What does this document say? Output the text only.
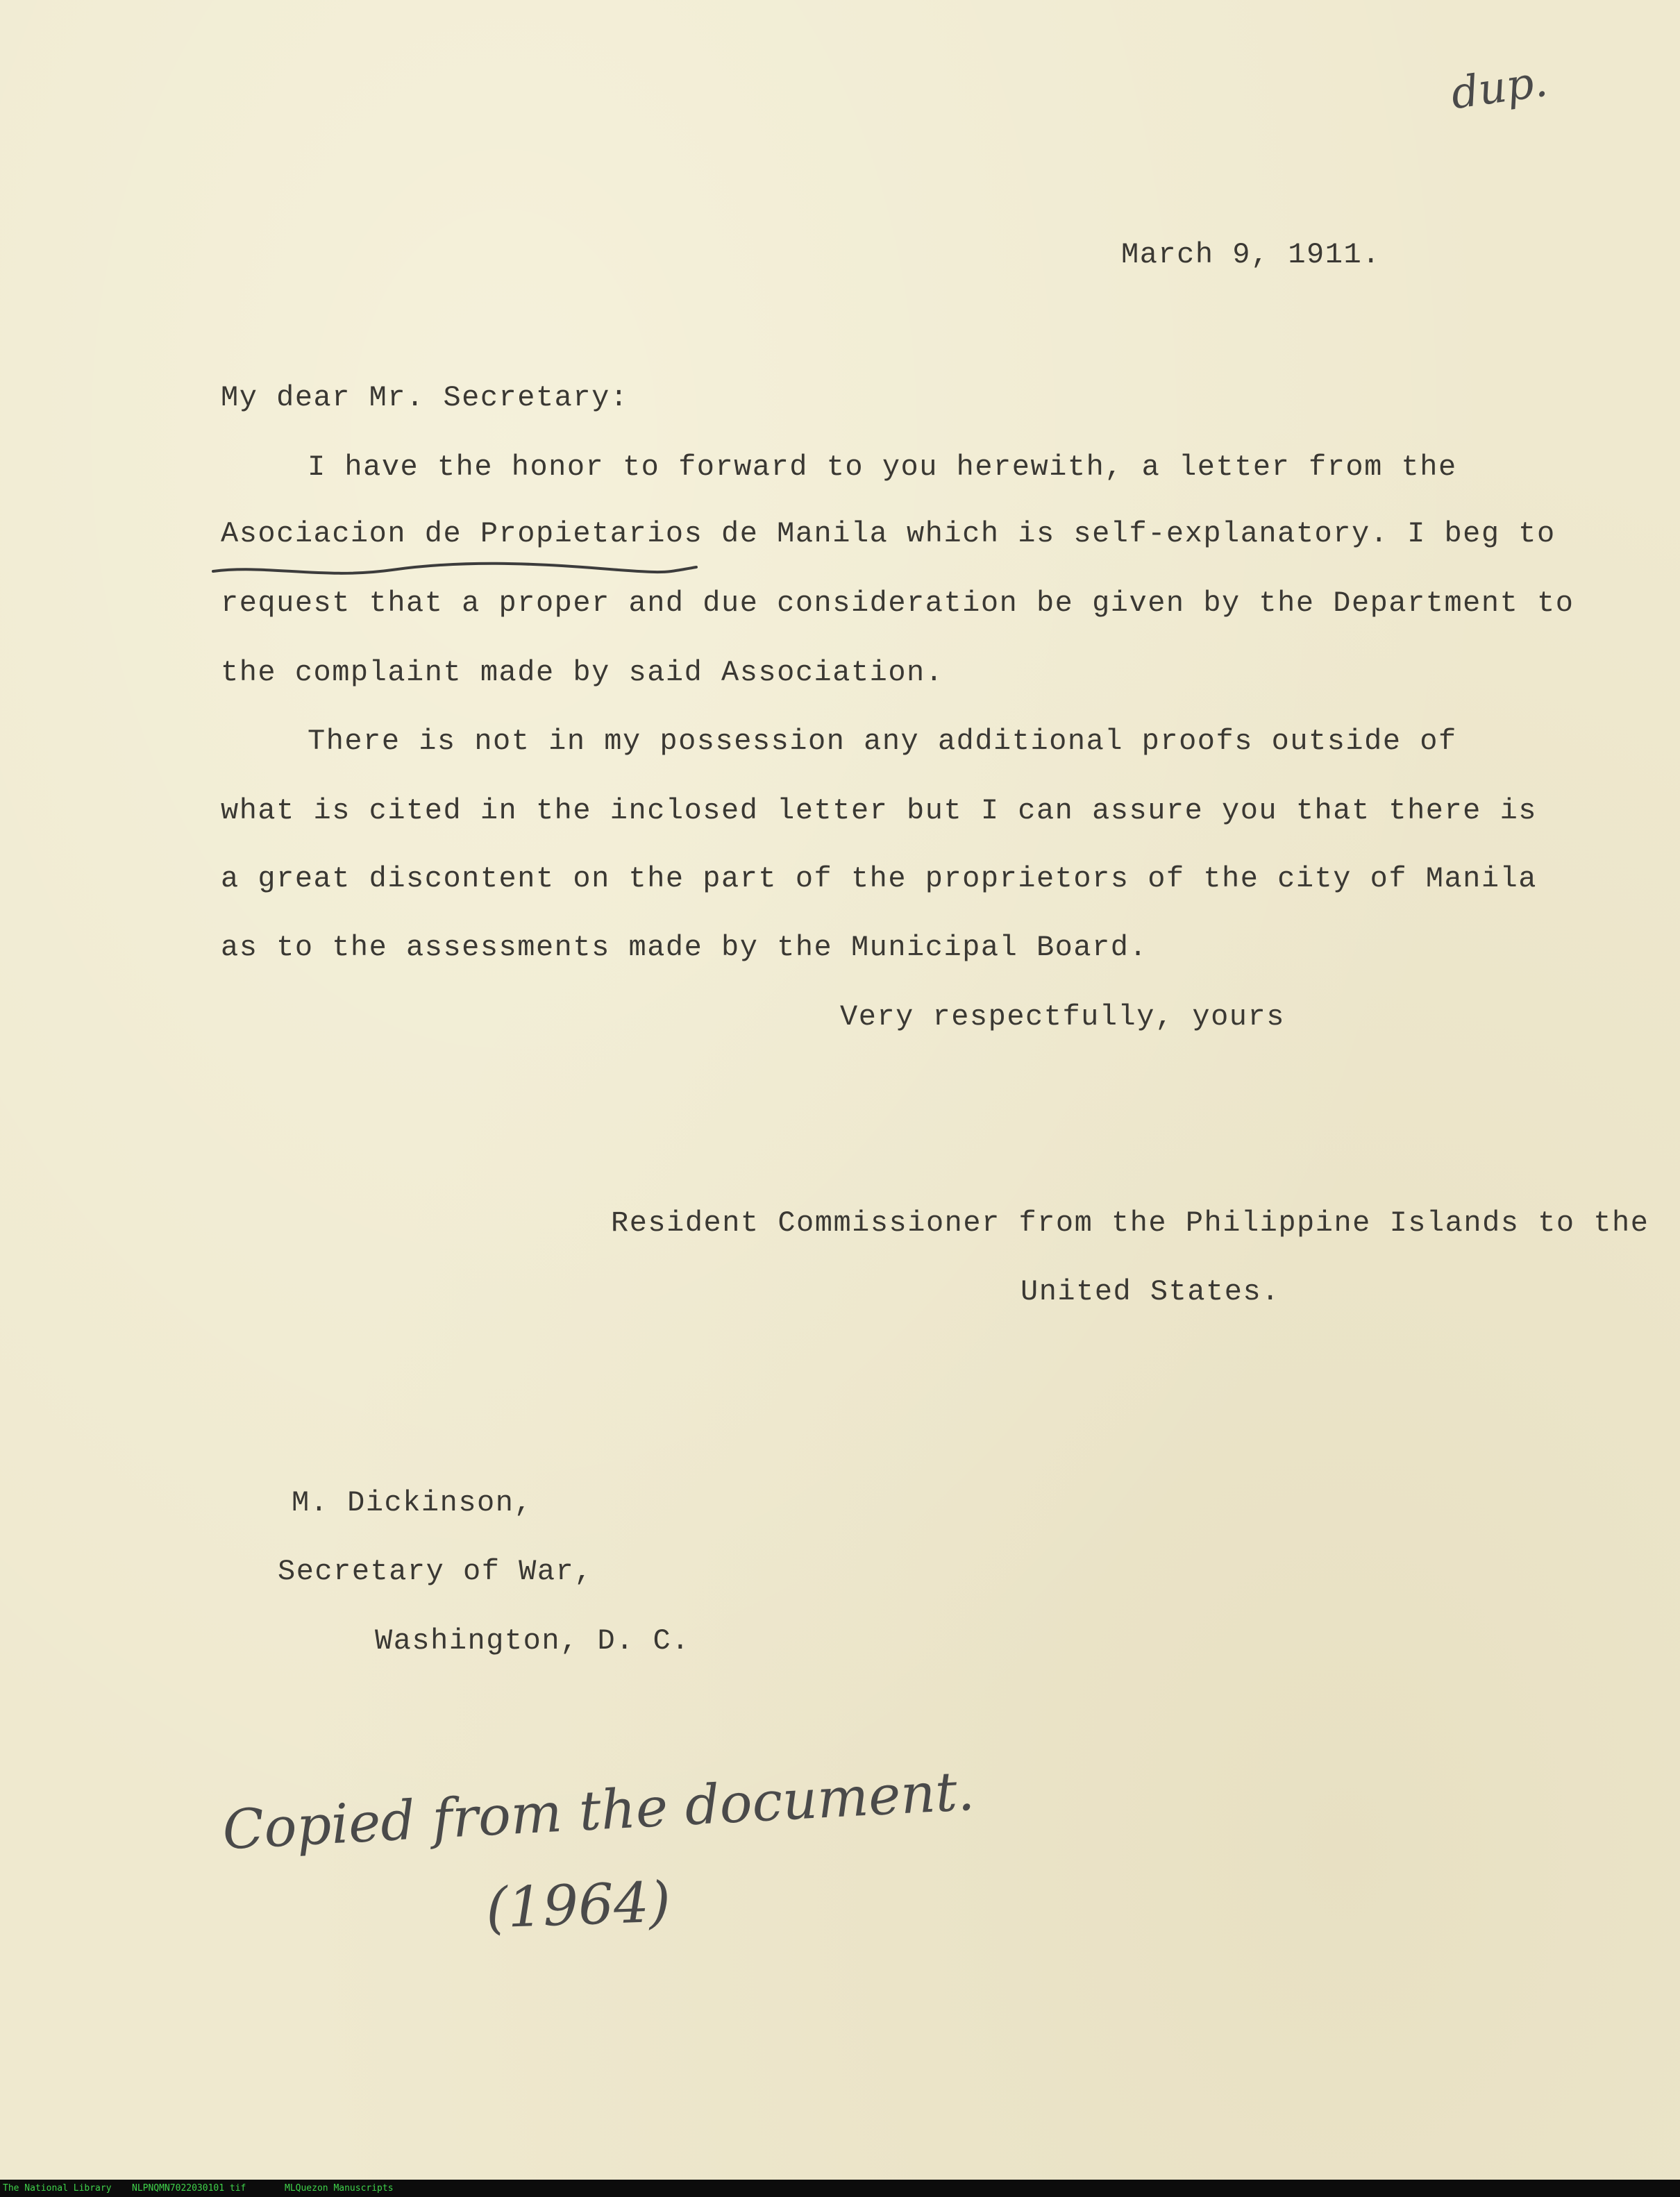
dup.
March 9, 1911.
My dear Mr. Secretary:
I have the honor to forward to you herewith, a letter from the
Asociacion de Propietarios de Manila which is self-explanatory. I beg to
request that a proper and due consideration be given by the Department to
the complaint made by said Association.
There is not in my possession any additional proofs outside of
what is cited in the inclosed letter but I can assure you that there is
a great discontent on the part of the proprietors of the city of Manila
as to the assessments made by the Municipal Board.
Very respectfully, yours
Resident Commissioner from the Philippine Islands to the
United States.
M. Dickinson,
Secretary of War,
Washington, D. C.
Copied from the document.
(1964)
The National Library NLPNQMN7022030101 tif	MLQuezon Manuscripts
